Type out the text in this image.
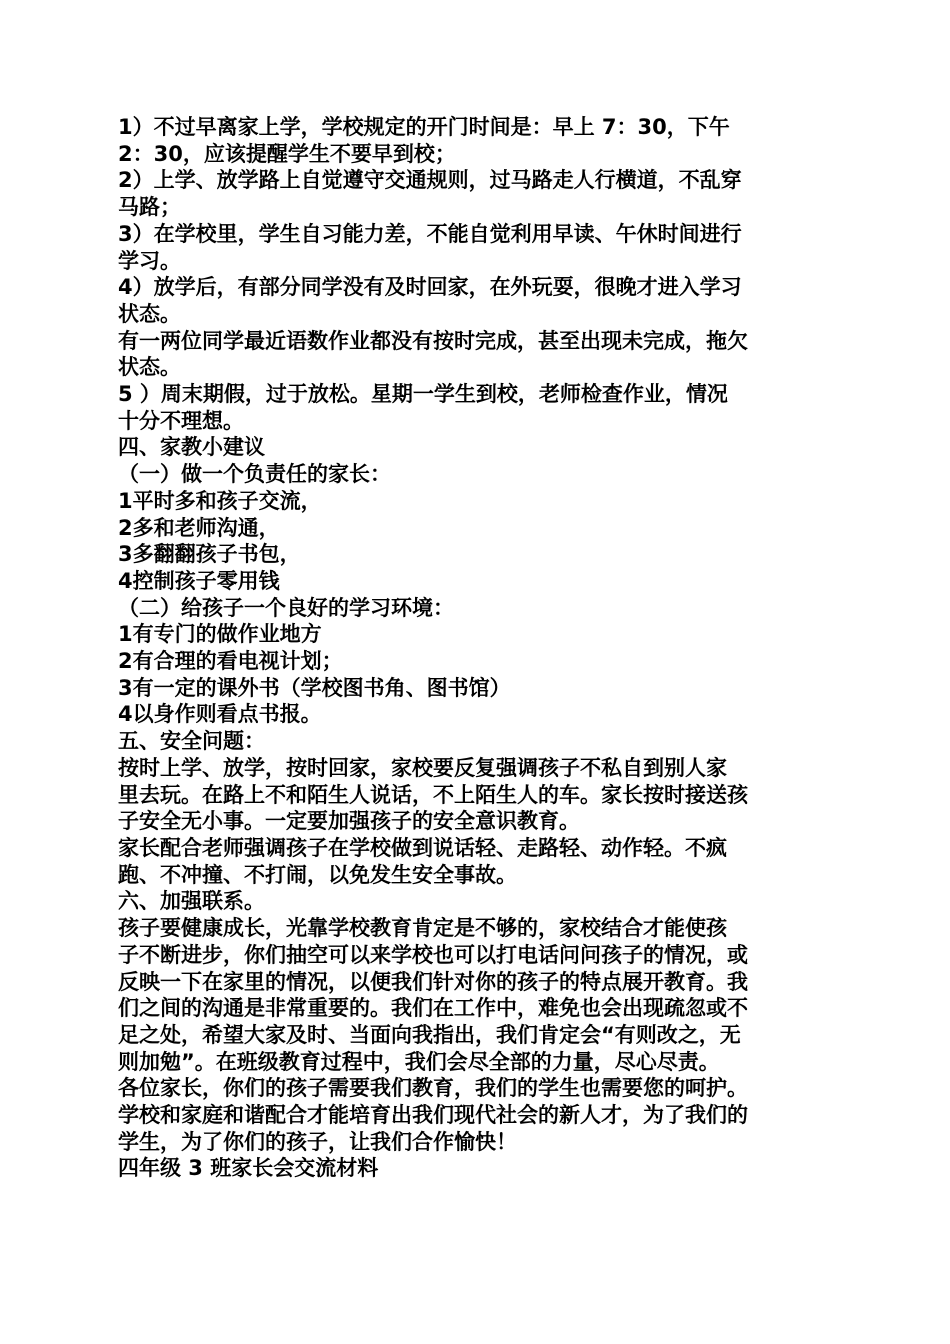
1）不过早离家上学，学校规定的开门时间是：早上 7：30，下午
2：30，应该提醒学生不要早到校；
2）上学、放学路上自觉遵守交通规则，过马路走人行横道，不乱穿
马路；
3）在学校里，学生自习能力差，不能自觉利用早读、午休时间进行
学习。
4）放学后，有部分同学没有及时回家，在外玩耍，很晚才进入学习
状态。
有一两位同学最近语数作业都没有按时完成，甚至出现未完成，拖欠
状态。
5 ）周末期假，过于放松。星期一学生到校，老师检查作业，情况
十分不理想。
四、家教小建议
（一）做一个负责任的家长：
1平时多和孩子交流，
2多和老师沟通，
3多翻翻孩子书包，
4控制孩子零用钱
（二）给孩子一个良好的学习环境：
1有专门的做作业地方
2有合理的看电视计划；
3有一定的课外书（学校图书角、图书馆）
4以身作则看点书报。
五、安全问题：
按时上学、放学，按时回家，家校要反复强调孩子不私自到别人家
里去玩。在路上不和陌生人说话，不上陌生人的车。家长按时接送孩
子安全无小事。一定要加强孩子的安全意识教育。
家长配合老师强调孩子在学校做到说话轻、走路轻、动作轻。不疯
跑、不冲撞、不打闹，以免发生安全事故。
六、加强联系。
孩子要健康成长，光靠学校教育肯定是不够的，家校结合才能使孩
子不断进步，你们抽空可以来学校也可以打电话问问孩子的情况，或
反映一下在家里的情况，以便我们针对你的孩子的特点展开教育。我
们之间的沟通是非常重要的。我们在工作中，难免也会出现疏忽或不
足之处，希望大家及时、当面向我指出，我们肯定会“有则改之，无
则加勉”。在班级教育过程中，我们会尽全部的力量，尽心尽责。
各位家长，你们的孩子需要我们教育，我们的学生也需要您的呵护。
学校和家庭和谐配合才能培育出我们现代社会的新人才，为了我们的
学生，为了你们的孩子，让我们合作愉快！
四年级 3 班家长会交流材料
